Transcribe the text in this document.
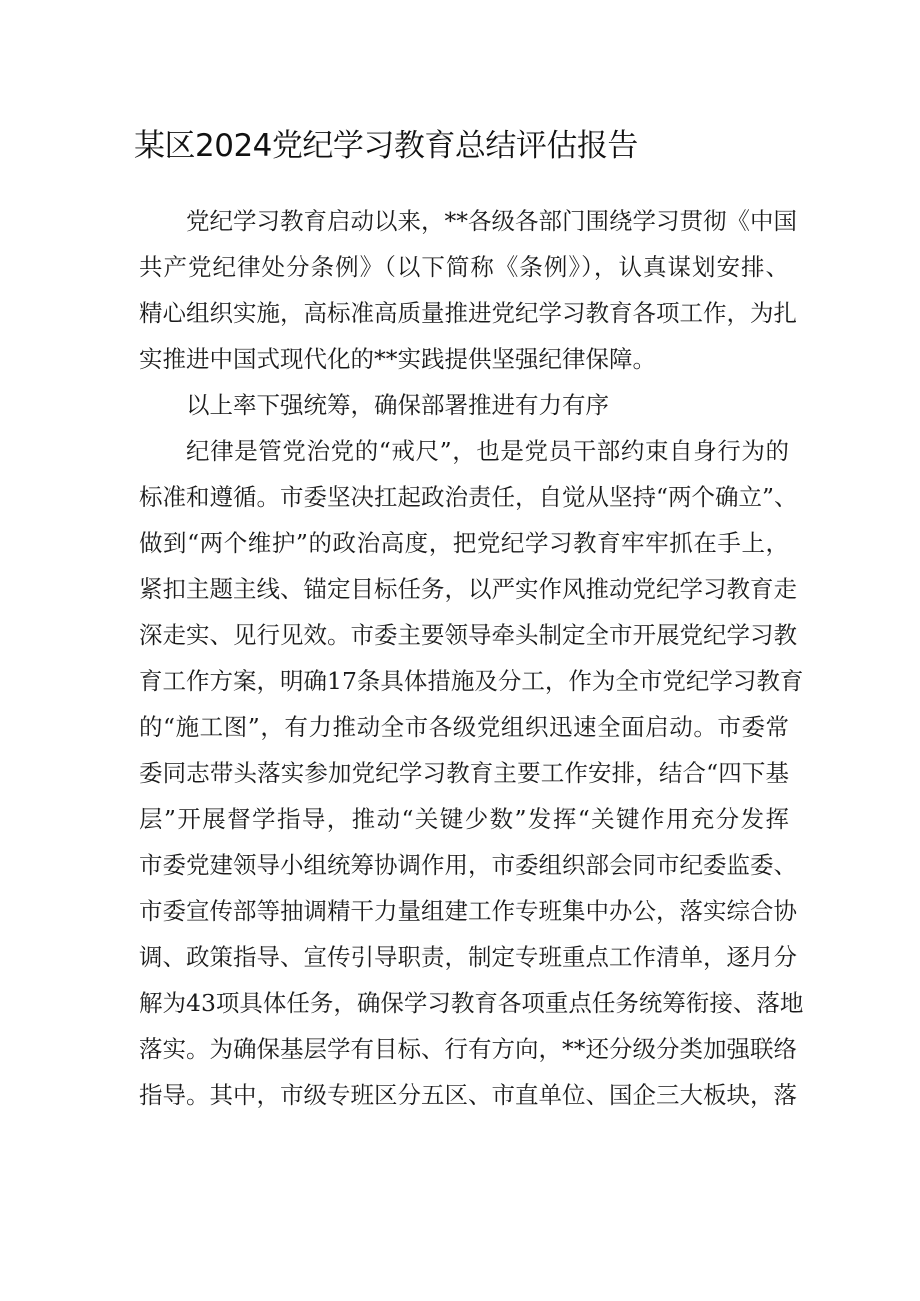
某区2024党纪学习教育总结评估报告
党纪学习教育启动以来，**各级各部门围绕学习贯彻《中国
共产党纪律处分条例》（以下简称《条例》），认真谋划安排、
精心组织实施，高标准高质量推进党纪学习教育各项工作，为扎
实推进中国式现代化的**实践提供坚强纪律保障。
以上率下强统筹，确保部署推进有力有序
纪律是管党治党的“戒尺”，也是党员干部约束自身行为的
标准和遵循。市委坚决扛起政治责任，自觉从坚持“两个确立”、
做到“两个维护”的政治高度，把党纪学习教育牢牢抓在手上，
紧扣主题主线、锚定目标任务，以严实作风推动党纪学习教育走
深走实、见行见效。市委主要领导牵头制定全市开展党纪学习教
育工作方案，明确17条具体措施及分工，作为全市党纪学习教育
的“施工图”，有力推动全市各级党组织迅速全面启动。市委常
委同志带头落实参加党纪学习教育主要工作安排，结合“四下基
层”开展督学指导，推动“关键少数”发挥“关键作用充分发挥
市委党建领导小组统筹协调作用，市委组织部会同市纪委监委、
市委宣传部等抽调精干力量组建工作专班集中办公，落实综合协
调、政策指导、宣传引导职责，制定专班重点工作清单，逐月分
解为43项具体任务，确保学习教育各项重点任务统筹衔接、落地
落实。为确保基层学有目标、行有方向，**还分级分类加强联络
指导。其中，市级专班区分五区、市直单位、国企三大板块，落
